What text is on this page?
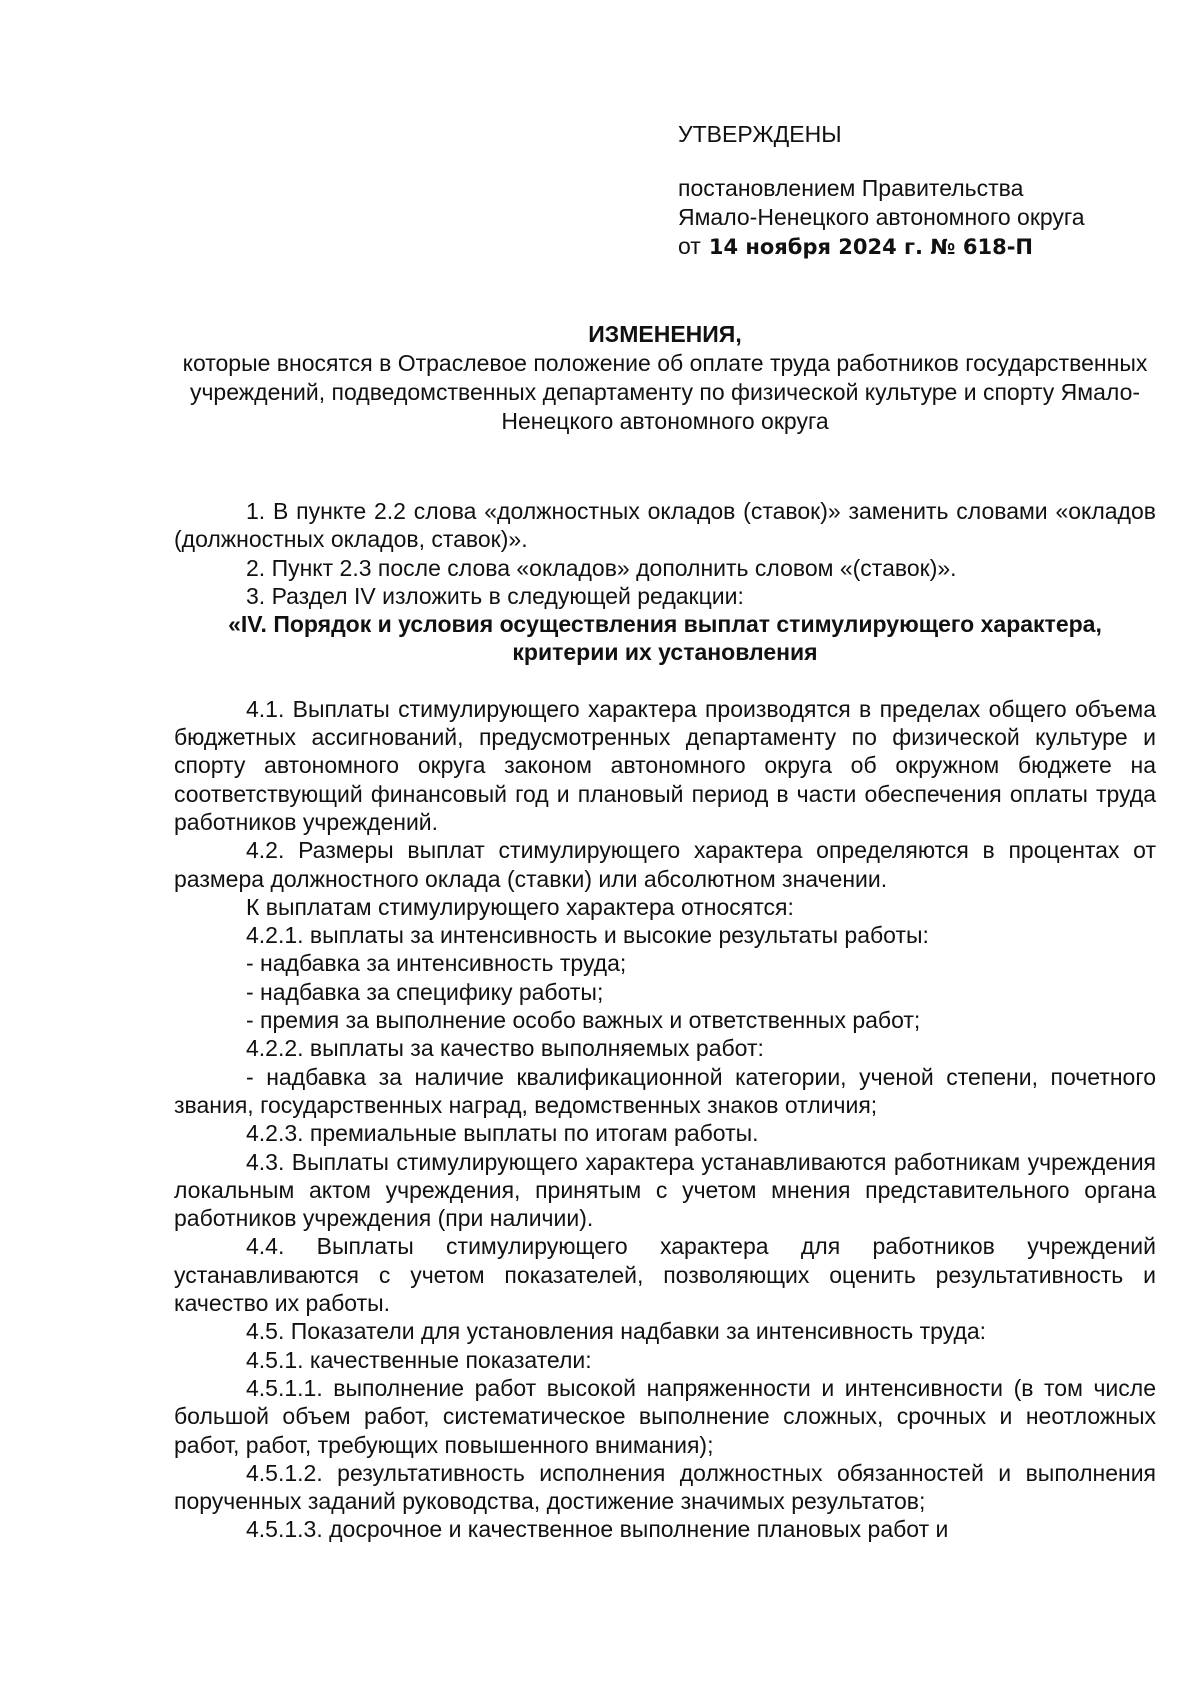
УТВЕРЖДЕНЫ

постановлением Правительства

Ямало-Ненецкого автономного округа

от 14 ноября 2024 г. № 618-П

ИЗМЕНЕНИЯ,

которые вносятся в Отраслевое положение об оплате труда работников государственных учреждений, подведомственных департаменту по физической культуре и спорту Ямало-Ненецкого автономного округа

1. В пункте 2.2 слова «должностных окладов (ставок)» заменить словами «окладов (должностных окладов, ставок)».

2. Пункт 2.3 после слова «окладов» дополнить словом «(ставок)».

3. Раздел IV изложить в следующей редакции:

«IV. Порядок и условия осуществления выплат стимулирующего характера, критерии их установления

4.1. Выплаты стимулирующего характера производятся в пределах общего объема бюджетных ассигнований, предусмотренных департаменту по физической культуре и спорту автономного округа законом автономного округа об окружном бюджете на соответствующий финансовый год и плановый период в части обеспечения оплаты труда работников учреждений.

4.2. Размеры выплат стимулирующего характера определяются в процентах от размера должностного оклада (ставки) или абсолютном значении.

К выплатам стимулирующего характера относятся:

4.2.1. выплаты за интенсивность и высокие результаты работы:

- надбавка за интенсивность труда;

- надбавка за специфику работы;

- премия за выполнение особо важных и ответственных работ;

4.2.2. выплаты за качество выполняемых работ:

- надбавка за наличие квалификационной категории, ученой степени, почетного звания, государственных наград, ведомственных знаков отличия;

4.2.3. премиальные выплаты по итогам работы.

4.3. Выплаты стимулирующего характера устанавливаются работникам учреждения локальным актом учреждения, принятым с учетом мнения представительного органа работников учреждения (при наличии).

4.4. Выплаты стимулирующего характера для работников учреждений устанавливаются с учетом показателей, позволяющих оценить результативность и качество их работы.

4.5. Показатели для установления надбавки за интенсивность труда:

4.5.1. качественные показатели:

4.5.1.1. выполнение работ высокой напряженности и интенсивности (в том числе большой объем работ, систематическое выполнение сложных, срочных и неотложных работ, работ, требующих повышенного внимания);

4.5.1.2. результативность исполнения должностных обязанностей и выполнения порученных заданий руководства, достижение значимых результатов;

4.5.1.3. досрочное и качественное выполнение плановых работ и
